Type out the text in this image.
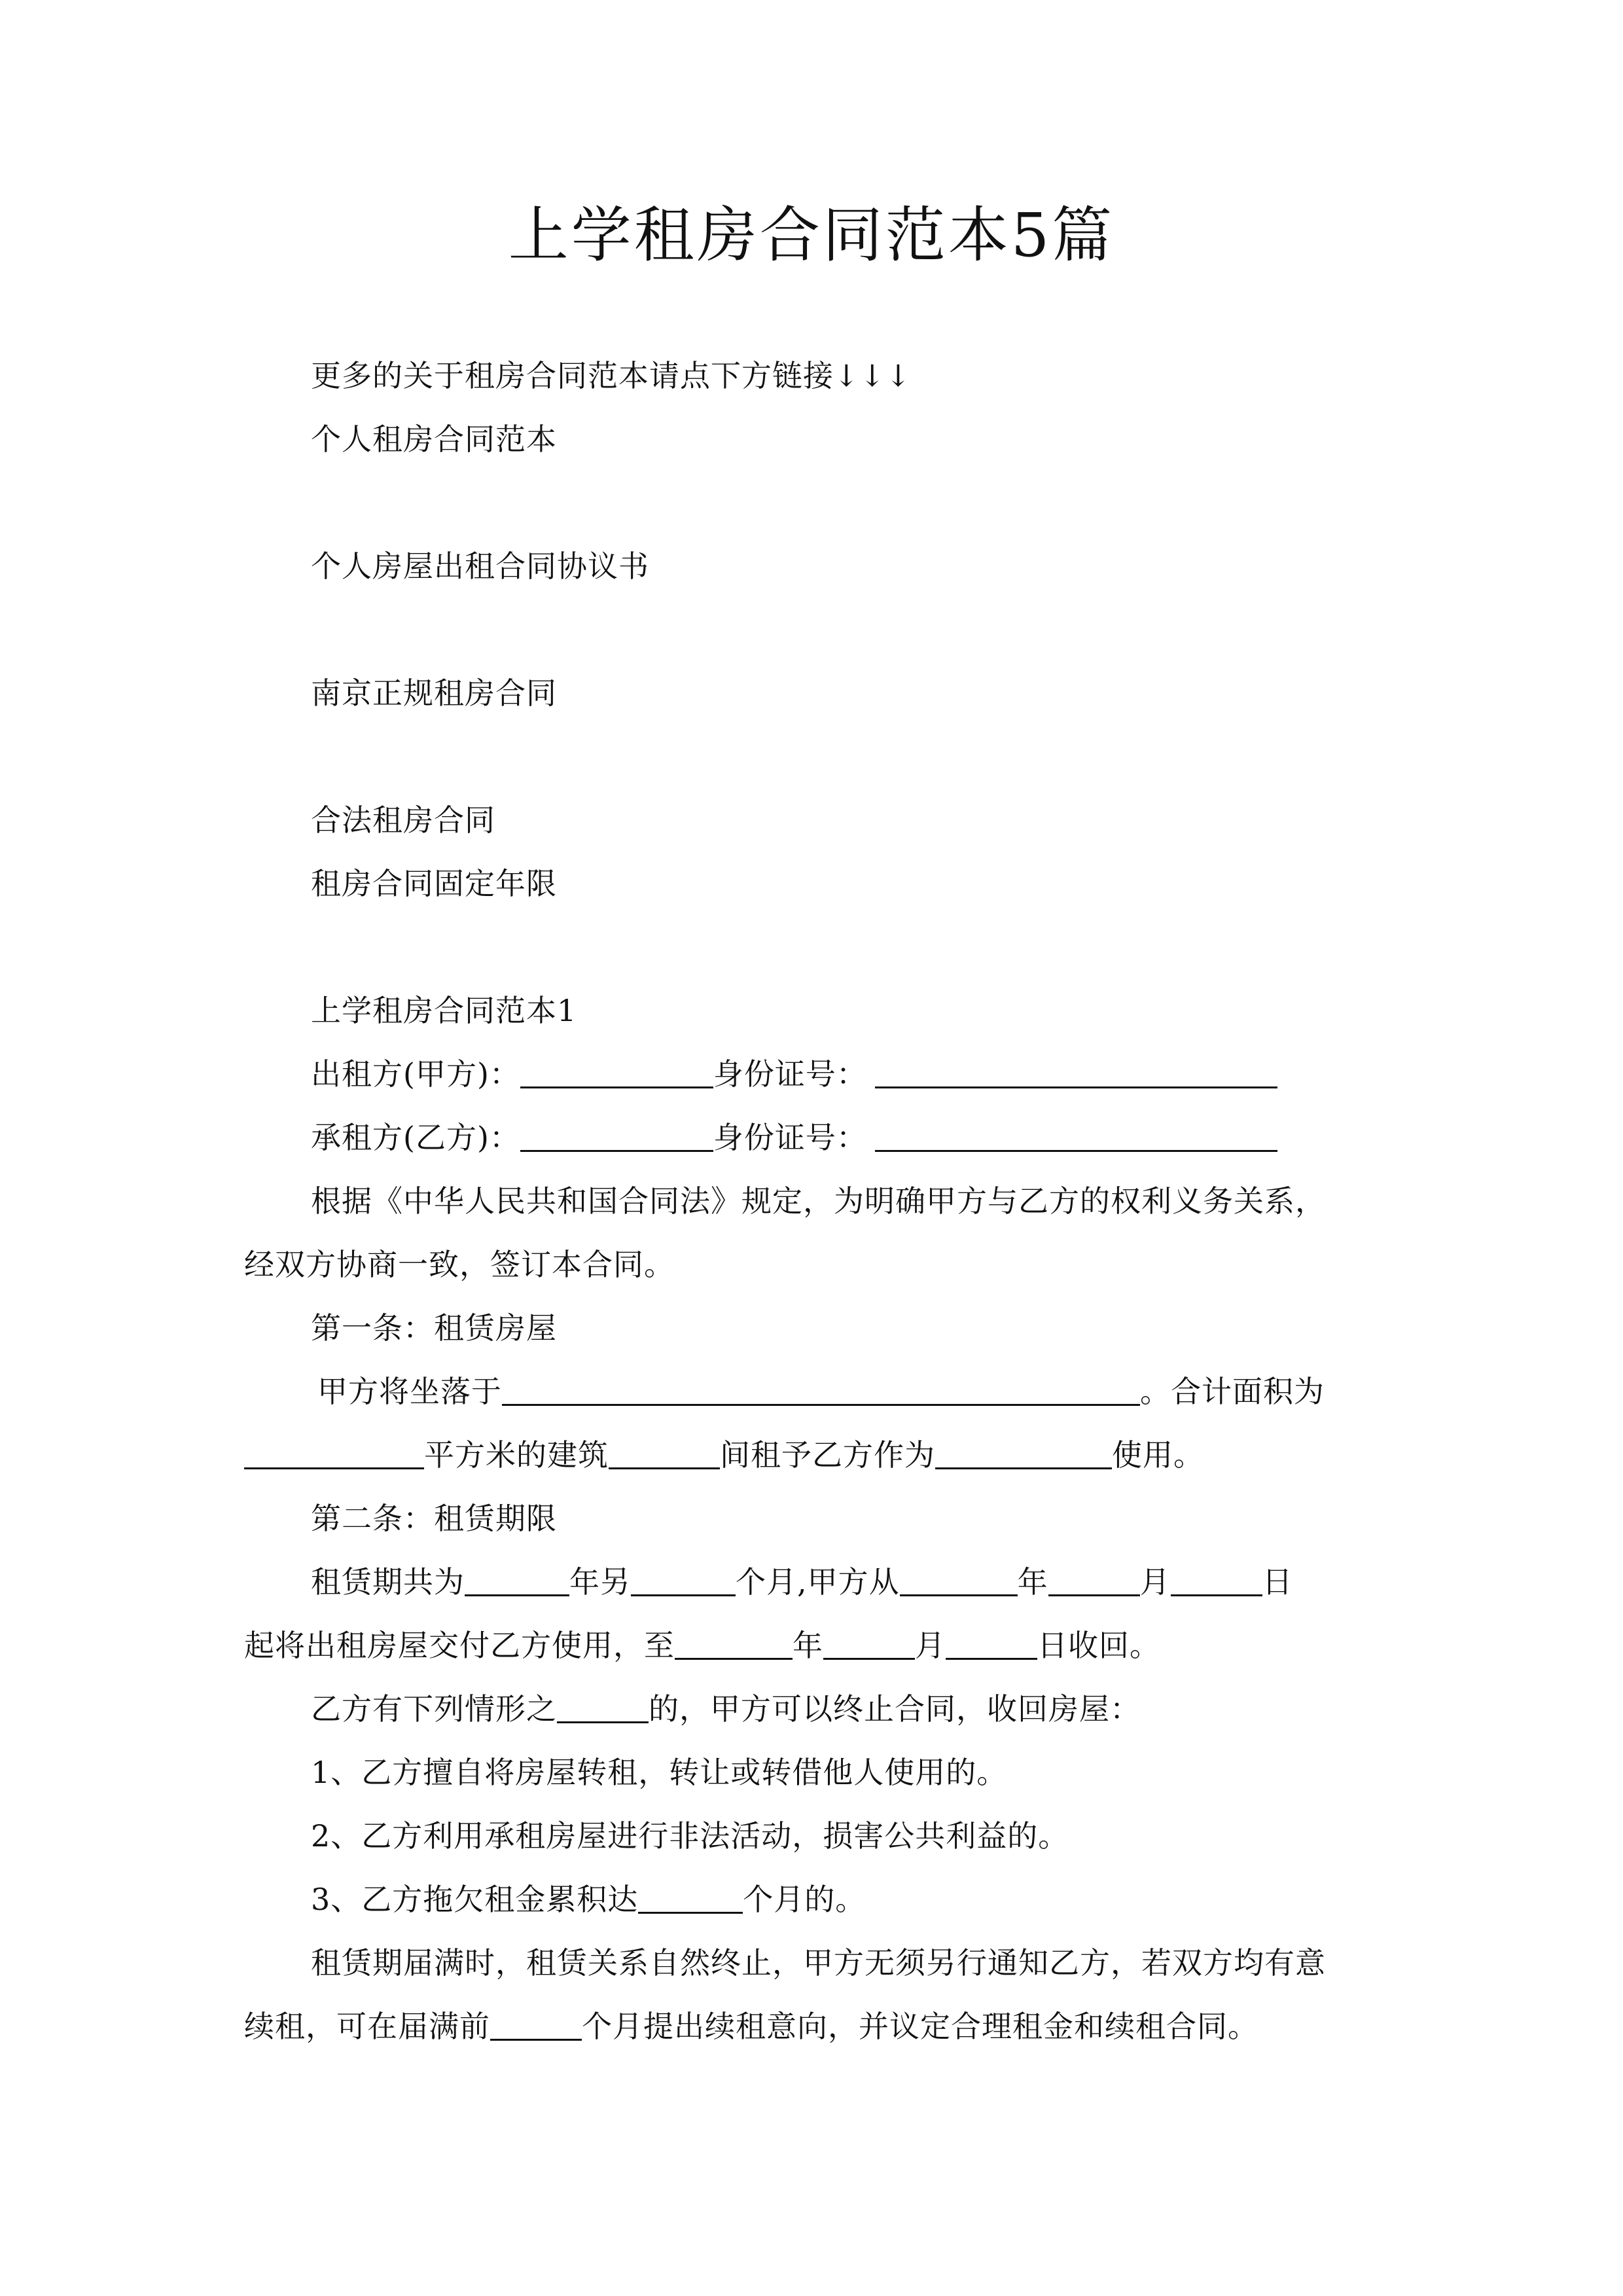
上学租房合同范本5篇
更多的关于租房合同范本请点下方链接↓↓↓
个人租房合同范本
个人房屋出租合同协议书
南京正规租房合同
合法租房合同
租房合同固定年限
上学租房合同范本1
出租方(甲方)：	身份证号：
承租方(乙方)：	身份证号：
根据《中华人民共和国合同法》规定，为明确甲方与乙方的权利义务关系，
经双方协商一致，签订本合同。
第一条：租赁房屋
甲方将坐落于	。合计面积为
平方米的建筑	间租予乙方作为	使用。
第二条：租赁期限
租赁期共为	年另	个月,甲方从	年	月	日
起将出租房屋交付乙方使用，至	年	月	日收回。
乙方有下列情形之	的，甲方可以终止合同，收回房屋：
1、乙方擅自将房屋转租，转让或转借他人使用的。
2、乙方利用承租房屋进行非法活动，损害公共利益的。
3、乙方拖欠租金累积达	个月的。
租赁期届满时，租赁关系自然终止，甲方无须另行通知乙方，若双方均有意
续租，可在届满前	个月提出续租意向，并议定合理租金和续租合同。
